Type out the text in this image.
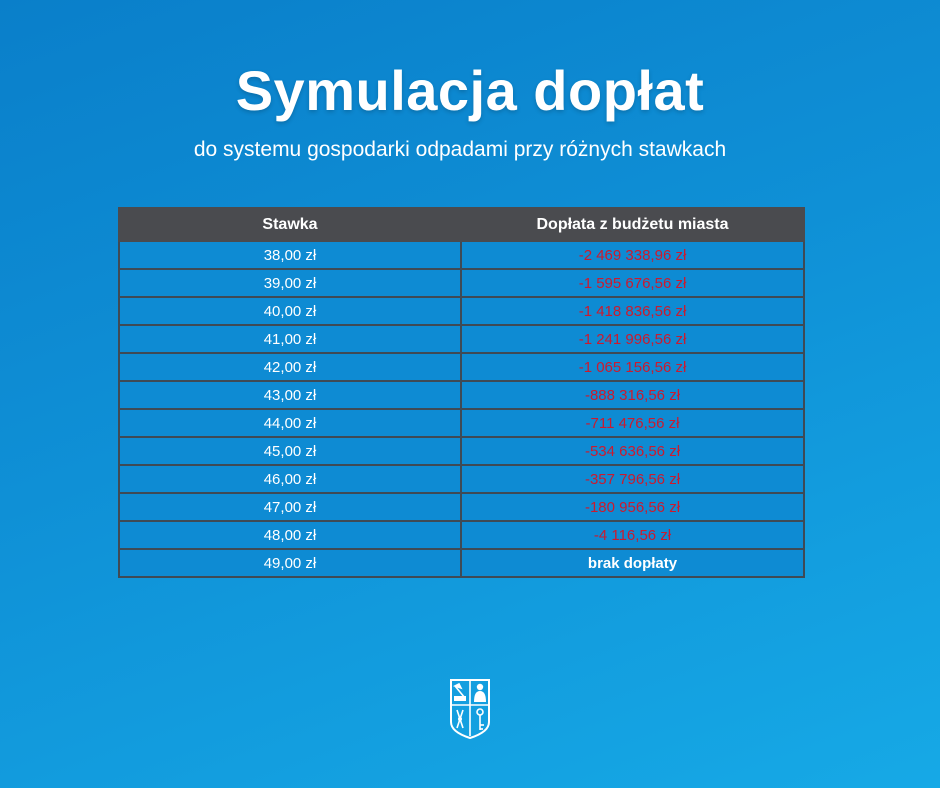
Symulacja dopłat
do systemu gospodarki odpadami przy różnych stawkach
Stawka	Dopłata z budżetu miasta
38,00 zł	-2 469 338,96 zł
39,00 zł	-1 595 676,56 zł
40,00 zł	-1 418 836,56 zł
41,00 zł	-1 241 996,56 zł
42,00 zł	-1 065 156,56 zł
43,00 zł	-888 316,56 zł
44,00 zł	-711 476,56 zł
45,00 zł	-534 636,56 zł
46,00 zł	-357 796,56 zł
47,00 zł	-180 956,56 zł
48,00 zł	-4 116,56 zł
49,00 zł	brak dopłaty
